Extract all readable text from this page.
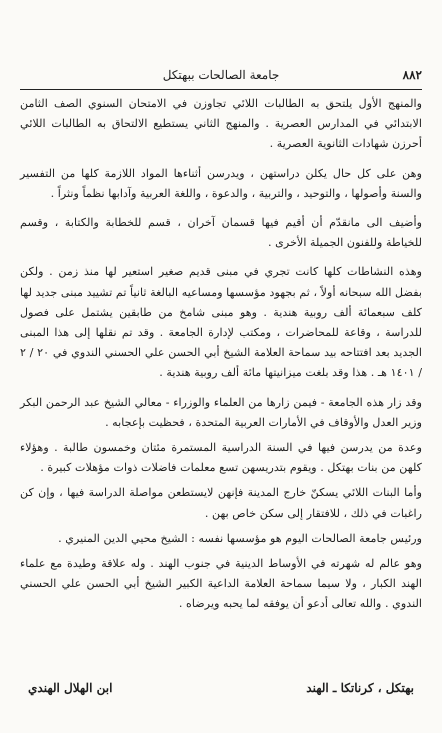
٨٨٢
جامعة الصالحات ببهتكل

والمنهج الأول يلتحق به الطالبات اللائي تجاوزن في الامتحان السنوي الصف الثامن الابتدائي في المدارس العصرية . والمنهج الثاني يستطيع الالتحاق به الطالبات اللائي أحرزن شهادات الثانوية العصرية .

وهن على كل حال يكلن دراستهن ، ويدرسن أثناءها المواد اللازمة كلها من التفسير والسنة وأصولها ، والتوحيد ، والتربية ، والدعوة ، واللغة العربية وآدابها نظماً ونثراً .

وأضيف الى مانقدّم أن أقيم فيها قسمان آخران ، قسم للخطابة والكتابة ، وقسم للخياطة وللفنون الجميلة الأخرى .

وهذه النشاطات كلها كانت تجري في مبنى قديم صغير استعير لها منذ زمن . ولكن بفضل الله سبحانه أولاً ، ثم بجهود مؤسسها ومساعيه البالغة ثانياً تم تشييد مبنى جديد لها كلف سبعمائة ألف روبية هندية . وهو مبنى شامخ من طابقين يشتمل على فصول للدراسة ، وقاعة للمحاضرات ، ومكتب لإدارة الجامعة . وقد تم نقلها إلى هذا المبنى الجديد بعد افتتاحه بيد سماحة العلامة الشيخ أبي الحسن علي الحسني الندوي في ٢٠ / ٢ / ١٤٠١ هـ . هذا وقد بلغت ميزانيتها مائة ألف روبية هندية .

وقد زار هذه الجامعة - فيمن زارها من العلماء والوزراء - معالي الشيخ عبد الرحمن البكر وزير العدل والأوقاف في الأمارات العربية المتحدة ، فحظيت بإعجابه .

وعدة من يدرسن فيها في السنة الدراسية المستمرة مئتان وخمسون طالبة . وهؤلاء كلهن من بنات بهتكل . ويقوم بتدريسهن تسع معلمات فاضلات ذوات مؤهلات كبيرة .

وأما البنات اللائي يسكنّ خارج المدينة فإنهن لايستطعن مواصلة الدراسة فيها ، وإن كن راغبات في ذلك ، للافتقار إلى سكن خاص بهن .

ورئيس جامعة الصالحات اليوم هو مؤسسها نفسه : الشيخ محيي الدين المنيري .

وهو عالم له شهرته في الأوساط الدينية في جنوب الهند . وله علاقة وطيدة مع علماء الهند الكبار ، ولا سيما سماحة العلامة الداعية الكبير الشيخ أبي الحسن علي الحسني الندوي . والله تعالى أدعو أن يوفقه لما يحبه ويرضاه .

بهتكل ، كرناتكا ـ الهند
ابن الهلال الهندي
